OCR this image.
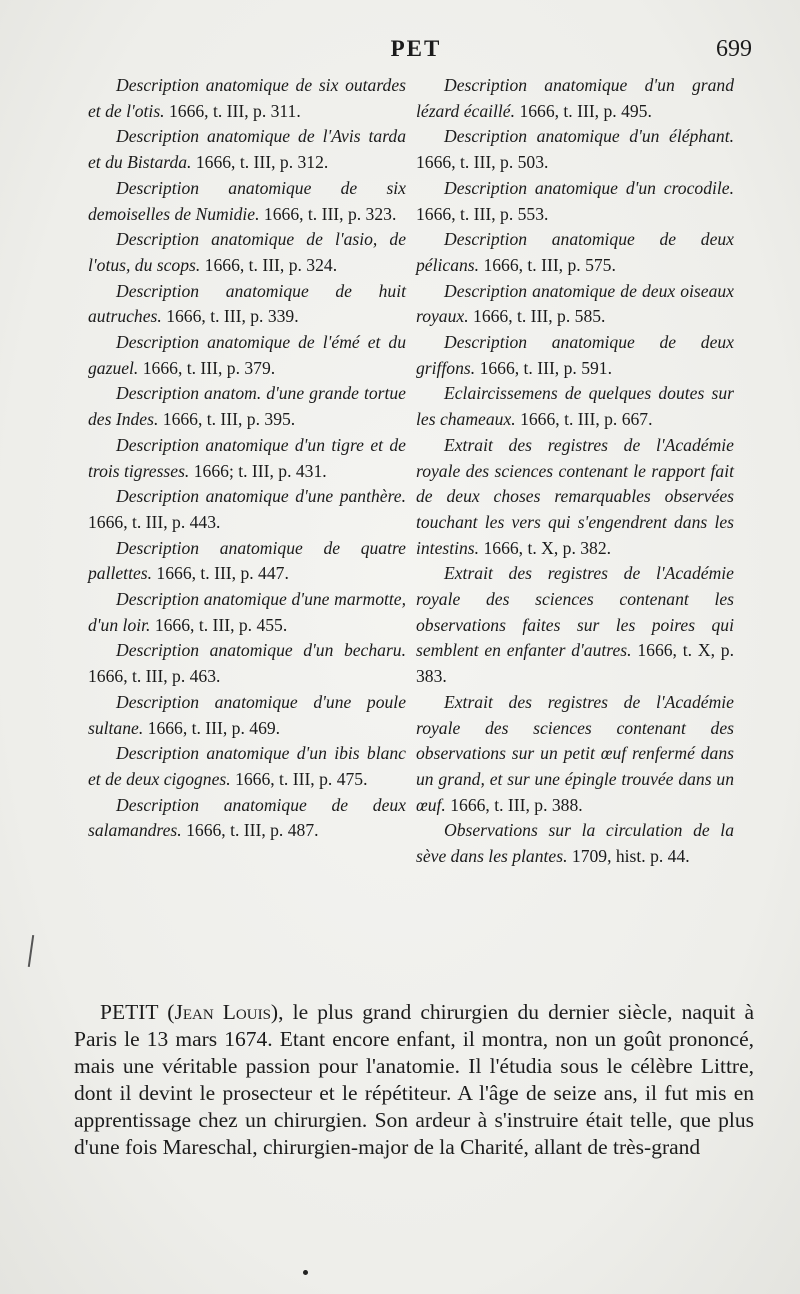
PET	699
Description anatomique de six outardes et de l'otis. 1666, t. III, p. 311.
Description anatomique de l'Avis tarda et du Bistarda. 1666, t. III, p. 312.
Description anatomique de six demoiselles de Numidie. 1666, t. III, p. 323.
Description anatomique de l'asio, de l'otus, du scops. 1666, t. III, p. 324.
Description anatomique de huit autruches. 1666, t. III, p. 339.
Description anatomique de l'émé et du gazuel. 1666, t. III, p. 379.
Description anatom. d'une grande tortue des Indes. 1666, t. III, p. 395.
Description anatomique d'un tigre et de trois tigresses. 1666; t. III, p. 431.
Description anatomique d'une panthère. 1666, t. III, p. 443.
Description anatomique de quatre pallettes. 1666, t. III, p. 447.
Description anatomique d'une marmotte, d'un loir. 1666, t. III, p. 455.
Description anatomique d'un becharu. 1666, t. III, p. 463.
Description anatomique d'une poule sultane. 1666, t. III, p. 469.
Description anatomique d'un ibis blanc et de deux cigognes. 1666, t. III, p. 475.
Description anatomique de deux salamandres. 1666, t. III, p. 487.
Description anatomique d'un grand lézard écaillé. 1666, t. III, p. 495.
Description anatomique d'un éléphant. 1666, t. III, p. 503.
Description anatomique d'un crocodile. 1666, t. III, p. 553.
Description anatomique de deux pélicans. 1666, t. III, p. 575.
Description anatomique de deux oiseaux royaux. 1666, t. III, p. 585.
Description anatomique de deux griffons. 1666, t. III, p. 591.
Eclaircissemens de quelques doutes sur les chameaux. 1666, t. III, p. 667.
Extrait des registres de l'Académie royale des sciences contenant le rapport fait de deux choses remarquables observées touchant les vers qui s'engendrent dans les intestins. 1666, t. X, p. 382.
Extrait des registres de l'Académie royale des sciences contenant les observations faites sur les poires qui semblent en enfanter d'autres. 1666, t. X, p. 383.
Extrait des registres de l'Académie royale des sciences contenant des observations sur un petit œuf renfermé dans un grand, et sur une épingle trouvée dans un œuf. 1666, t. III, p. 388.
Observations sur la circulation de la sève dans les plantes. 1709, hist. p. 44.
PETIT (Jean Louis), le plus grand chirurgien du dernier siècle, naquit à Paris le 13 mars 1674. Etant encore enfant, il montra, non un goût prononcé, mais une véritable passion pour l'anatomie. Il l'étudia sous le célèbre Littre, dont il devint le prosecteur et le répétiteur. A l'âge de seize ans, il fut mis en apprentissage chez un chirurgien. Son ardeur à s'instruire était telle, que plus d'une fois Mareschal, chirurgien-major de la Charité, allant de très-grand
